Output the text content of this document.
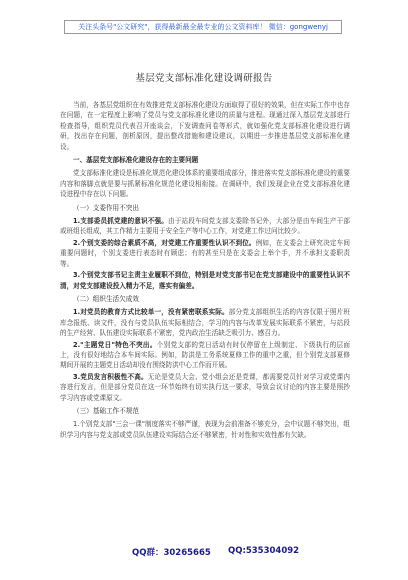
关注头条号"公文研究"，获得最新最全最专业的公文资料库！ 微信：gongwenyj
基层党支部标准化建设调研报告

当前，各基层党组织在有效推进党支部标准化建设方面取得了很好的效果，但在实际工作中也存在问题，在一定程度上影响了党员与党支部标准化建设的质量与进程。现通过深入基层党支部进行检查指导，组织党员代表召开座谈会，下发调查问卷等形式，就如强化党支部标准化建设进行调研，找出存在问题，剖析原因，提出整改措施和建设建议，以期进一步推进基层党支部标准化建设。

一、基层党支部标准化建设存在的主要问题

党支部标准化建设是标准化规范化建设体系的重要组成部分，推进落实党支部标准化建设的重要内容和落脚点就是要与抓紧标准化规范化建设相衔接。在调研中，我们发现企业在党支部标准化建设进程中存在以下问题。

（一）支委作用不突出

1.支部委员抓党建的意识不强。由于站段车间党支部支委除书记外，大部分是由车间生产干部或班组长组成，其工作精力主要用于安全生产等中心工作，对党建工作过问比较少。

2.个别支委的综合素质不高，对党建工作重要性认识不到位。例如，在支委会上研究决定车间重要问题时，个别支委进行表态时有顾虑；有的甚至只是在支委会上举个手，并不承担支委职责等。

3.个别党支部书记主责主业履职不到位，特别是对党支部书记在党支部建设中的重要性认识不清，对党支部建设投入精力不足，落实有偏差。

（二）组织生活欠成效

1.对党员的教育方式比较单一，没有紧密联系实际。部分党支部组织生活的内容仅限于照片班库念报纸、读文件，没有与党员队伍实际相结合，学习的内容与改革发展实际联系不紧密，与站段的生产经营、队伍建设实际联系不紧密，党内政治生活缺乏吸引力、感召力。

2."主题党日"特色不突出。个别党支部的党日活动有时仅停留在上级制定、下级执行的层面上，没有很好地结合本车间实际。例如，防洪是工务系统夏修工作的重中之重，但个别党支部夏修期间开展的主题党日活动却没有围绕防洪中心工作而开展。

3.党员发言积极性不高。无论是党员大会、党小组会还是党课，都需要党员针对学习或党课内容进行发言，但是部分党员在这一环节始终有切实执行这一要求，导致会议讨论的内容主要是照抄学习内容或党课原文。

（三）基础工作不规范

1.个别党支部"三会一课"制度落实不够严谨，表现为会前准备不够充分，会中议题不够突出，组织学习内容与党支部或党员队伍建设实际结合还不够紧密，针对性和实效性都有欠缺。

QQ群：30265665 QQ:535304092
